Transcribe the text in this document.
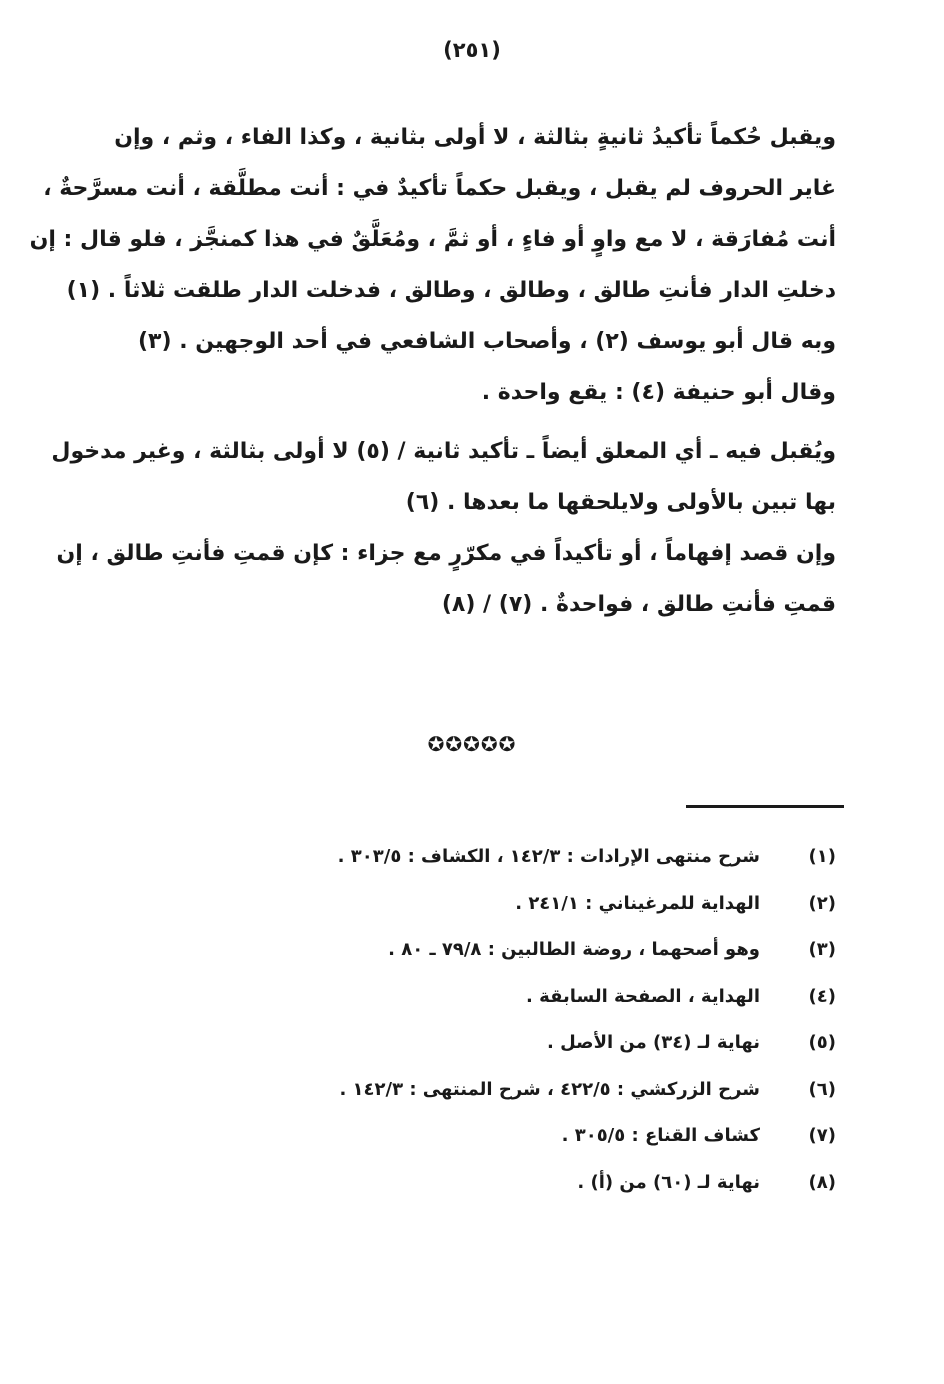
(٢٥١)
ويقبل حُكماً تأكيدُ ثانيةٍ بثالثة ، لا أولى بثانية ، وكذا الفاء ، وثم ، وإن
غاير الحروف لم يقبل ، ويقبل حكماً تأكيدٌ في : أنت مطلَّقة ، أنت مسرَّحةٌ ،
أنت مُفارَقة ، لا مع واوٍ أو فاءٍ ، أو ثمَّ ، ومُعَلَّقٌ في هذا كمنجَّز ، فلو قال : إن
دخلتِ الدار فأنتِ طالق ، وطالق ، وطالق ، فدخلت الدار طلقت ثلاثاً . (١)
وبه قال أبو يوسف (٢) ، وأصحاب الشافعي في أحد الوجهين . (٣)
وقال أبو حنيفة (٤) : يقع واحدة .
ويُقبل فيه ـ أي المعلق أيضاً ـ تأكيد ثانية / (٥) لا أولى بثالثة ، وغير مدخول
بها تبين بالأولى ولايلحقها ما بعدها . (٦)
وإن قصد إفهاماً ، أو تأكيداً في مكرّرٍ مع جزاء : كإن قمتِ فأنتِ طالق ، إن
قمتِ فأنتِ طالق ، فواحدةٌ . (٧) / (٨)
✪✪✪✪✪
(١)
شرح منتهى الإرادات : ١٤٢/٣ ، الكشاف : ٣٠٣/٥ .
(٢)
الهداية للمرغيناني : ٢٤١/١ .
(٣)
وهو أصحهما ، روضة الطالبين : ٧٩/٨ ـ ٨٠ .
(٤)
الهداية ، الصفحة السابقة .
(٥)
نهاية لـ (٣٤) من الأصل .
(٦)
شرح الزركشي : ٤٢٢/٥ ، شرح المنتهى : ١٤٢/٣ .
(٧)
كشاف القناع : ٣٠٥/٥ .
(٨)
نهاية لـ (٦٠) من (أ) .
